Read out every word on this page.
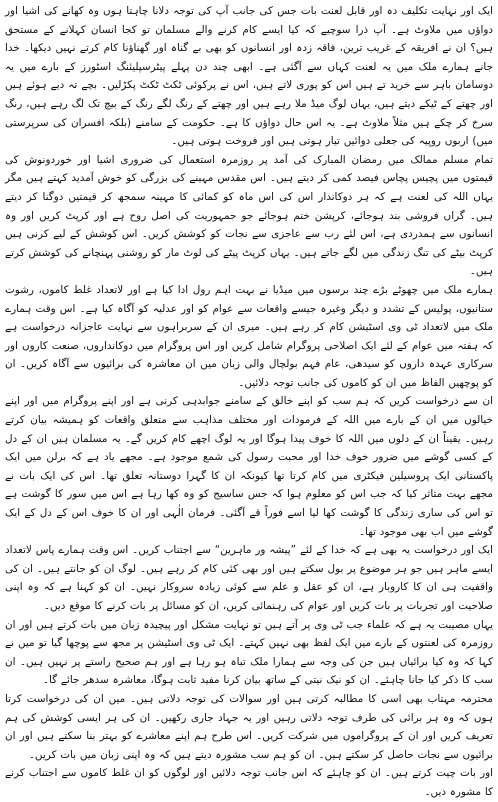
ایک اور نہایت تکلیف دہ اور قابل لعنت بات جس کی جانب آپ کی توجہ دلانا چاہتا ہوں وہ کھانے کی اشیا اور دواؤں میں ملاوٹ ہے۔ آپ ذرا سوچیے کہ کیا ایسے کام کرنے والے مسلمان تو کجا انسان کہلانے کے مستحق ہیں؟ ان نے افریقہ کے غریب ترین، فاقہ زدہ اور انسانوں کو بھی بے گناہ اور گھناؤنا کام کرتے نہیں دیکھا۔ خدا جانے ہمارے ملک میں یہ لعنت کہاں سے آگئی ہے۔ ابھی چند دن پہلے پیٹرسپلیئنگ اسٹورز کے بارے میں یہ دوسامان باہر سے خرید تے ہیں اس کو پوری لاتے ہیں، اس نے پرکوئی ٹکٹ ٹکٹ پکڑلیں۔ بچے تہ دیے ہوئے ہیں اور چھتے کے ٹیکے دیتے ہیں، یہاں لوگ میڈ ملا رہے ہیں اور چھتے کے رنگ لگے رنگ کے بیچ تک لگ رہے ہیں، رنگ سرخ کر چکے ہیں مثلاً ملاوٹ ہے۔ یہ اس حال دواؤں کا ہے۔ حکومت کے سامنے (بلکہ افسران کی سرپرستی میں) اربوں روپیہ کی جعلی دوائیں تیار ہوتی ہیں اور فروخت ہوتی ہیں۔

تمام مسلم ممالک میں رمضان المبارک کی آمد پر روزمرہ استعمال کی ضروری اشیا اور خوردونوش کی قیمتوں میں پچیس پچاس فیصد کمی کر دیتے ہیں۔ اس مقدس مہینے کی بزرگی کو خوش آمدید کہتے ہیں مگر یہاں اللہ کی لعنت ہے کہ ہر دوکاندار اس کی اس ماہ کو کمائی کا مہینہ سمجھ کر قیمتیں دوگنا کر دیتے ہیں۔ گراں فروشی بند ہوجائے، کرپشن ختم ہوجائے جو جمہوریت کی اصل روح ہے اور کرپٹ کریں اور وہ انسانوں سے ہمدردی ہے، اس لئے رب سے عاجزی سے نجات کو کوشش کریں۔ اس کوشش کے لیے کرنی ہیں کرپٹ بیٹے کی تنگ زندگی میں لگے جاتے ہیں۔ یہاں کرپٹ پیٹے کی لوٹ مار کو روشنی پہنچانے کی کوشش کرتے ہیں۔

ہمارے ملک میں چھوٹے بڑے چند برسوں میں میڈیا نے بہت اہم رول ادا کیا ہے اور لاتعداد غلط کاموں، رشوت ستانیوں، پولیس کے تشدد و دیگر وغیرہ جیسے واقعات سے عوام کو اور عدلیہ کو آگاہ کیا ہے۔ اس وقت ہمارے ملک میں لاتعداد ٹی وی اسٹیشن کام کر رہے ہیں۔ میری ان کے سربراہوں سے نہایت عاجزانہ درخواست ہے کہ ہفتہ میں عوام کے لئے ایک اصلاحی پروگرام شامل کریں اور اس پروگرام میں دوکانداروں، صنعت کاروں اور سرکاری عہدہ داروں کو سیدھی، عام فہم بولچال والی زبان میں ان معاشرہ کی برائیوں سے آگاہ کریں۔ ان کو پوچھیں الفاظ میں ان کو کاموں کی جانب توجہ دلائیں۔

ان سے درخواست کریں کہ ہم سب کو اپنے خالق کے سامنے جوابدہی کرنی ہے اور اپنے پروگرام میں اور اپنے خیالوں میں ان کے بارے میں اللہ کے فرمودات اور مختلف مذاہب سے متعلق واقعات کو ہمیشہ بیان کرتے رہیں۔ یقیناً ان کے دلوں میں اللہ کا خوف پیدا ہوگا اور یہ لوگ اچھے کام کریں گے۔ یہ مسلمان ہیں ان کے دل کے کسی گوشے میں ضرور خوف خدا اور محبت رسول کی شمع موجود ہے۔ مجھے یاد ہے کہ برلن میں ایک پاکستانی ایک پروسیلین فیکٹری میں کام کرتا تھا کیونکہ ان کا گہرا دوستانہ تعلق تھا۔ اس کی ایک بات نے مجھے بہت متاثر کیا کہ جب اس کو معلوم ہوا کہ جس ساسیج کو وہ کھا رہا ہے اس میں سور کا گوشت ہے تو اس کی ساری زندگی کا گوشت کھا لیا اسے فوراً قے آگئی۔ فرمان الٰہی اور ان کا خوف اس کے دل کے ایک گوشے میں اب بھی موجود تھا۔

ایک اور درخواست یہ بھی ہے کہ خدا کے لئے ”پیشہ ور ماہرین“ سے اجتناب کریں۔ اس وقت ہمارے پاس لاتعداد ایسے ماہر ہیں جو ہر موضوع پر بول سکتے ہیں اور بھی کئی کام کر رہے ہیں۔ لوگ ان کو جانتے ہیں۔ ان کی واقفیت ہی ان کا کاروبار ہے، ان کو عقل و علم سے کوئی زیادہ سروکار نہیں۔ ان کو کہنا ہے کہ وہ اپنی صلاحیت اور تجربات پر بات کریں اور عوام کی رہنمائی کریں، ان کو مسائل پر بات کرنے کا موقع دیں۔

یہاں مصیبت یہ ہے کہ علماء جب ٹی وی پر آتے ہیں تو نہایت مشکل اور پیچیدہ زبان میں بات کرتے ہیں اور ان روزمرہ کی لعنتوں کے بارے میں ایک لفظ بھی نہیں کہتے۔ ایک ٹی وی اسٹیشن پر مجھ سے پوچھا گیا تو میں نے کہا کہ وہ کیا برائیاں ہیں جن کی وجہ سے ہمارا ملک تباہ ہو رہا ہے اور ہم صحیح راستے پر نہیں ہیں۔ ان سب کا ذکر کیا جانا چاہئے۔ ان کو نیک نیتی کے ساتھ بیان کرنا مفید ثابت ہوگا، معاشرہ سدھر جائے گا۔

محترمہ مہتاب بھی اسی کا مطالبہ کرتی ہیں اور سوالات کی توجہ دلاتی ہیں۔ میں ان کی درخواست کرتا ہوں کہ وہ ہر برائی کی طرف توجہ دلاتی رہیں اور یہ جہاد جاری رکھیں۔ ان کی ہر ایسی کوشش کی ہم تعریف کریں اور ان کے پروگراموں میں شرکت کریں۔ اس طرح ہم اپنے معاشرے کو بہتر بنا سکتے ہیں اور ان برائیوں سے نجات حاصل کر سکتے ہیں۔ ان کو ہم سب مشورہ دیتے ہیں کہ وہ اپنی زبان میں بات کریں۔

اور بات چیت کرتے ہیں۔ ان کو چاہئے کہ اس جانب توجہ دلائیں اور لوگوں کو ان غلط کاموں سے اجتناب کرنے کا مشورہ دیں۔
